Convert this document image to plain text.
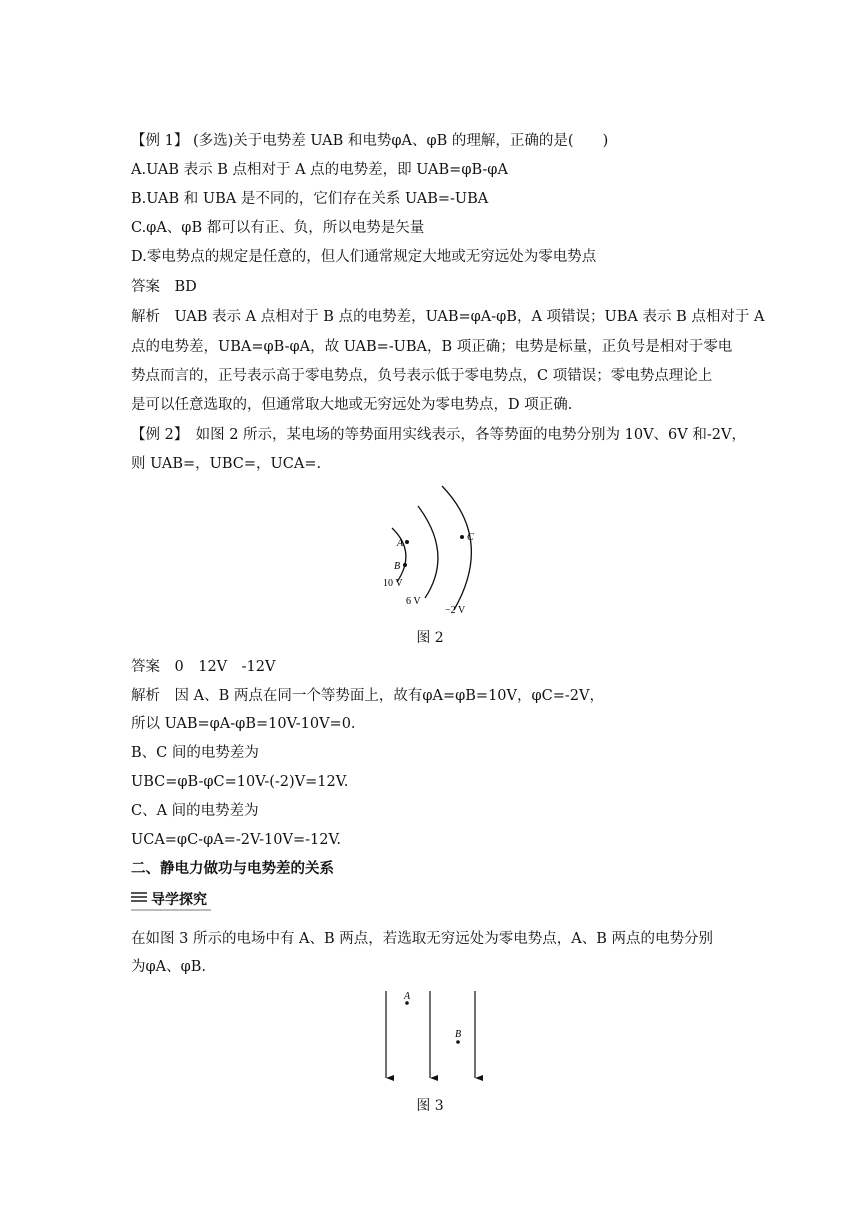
【例 1】 (多选)关于电势差 UAB 和电势φA、φB 的理解，正确的是(　　)
A.UAB 表示 B 点相对于 A 点的电势差，即 UAB=φB-φA
B.UAB 和 UBA 是不同的，它们存在关系 UAB=-UBA
C.φA、φB 都可以有正、负，所以电势是矢量
D.零电势点的规定是任意的，但人们通常规定大地或无穷远处为零电势点
答案　BD
解析　UAB 表示 A 点相对于 B 点的电势差，UAB=φA-φB，A 项错误；UBA 表示 B 点相对于 A
点的电势差，UBA=φB-φA，故 UAB=-UBA，B 项正确；电势是标量，正负号是相对于零电
势点而言的，正号表示高于零电势点，负号表示低于零电势点，C 项错误；零电势点理论上
是可以任意选取的，但通常取大地或无穷远处为零电势点，D 项正确.
【例 2】　如图 2 所示，某电场的等势面用实线表示，各等势面的电势分别为 10V、6V 和-2V，
则 UAB=，UBC=，UCA=.
A
B
C
10 V
6 V
−2 V
图 2
答案　0　12V　-12V
解析　因 A、B 两点在同一个等势面上，故有φA=φB=10V，φC=-2V，
所以 UAB=φA-φB=10V-10V=0.
B、C 间的电势差为
UBC=φB-φC=10V-(-2)V=12V.
C、A 间的电势差为
UCA=φC-φA=-2V-10V=-12V.
二、静电力做功与电势差的关系
导学探究
在如图 3 所示的电场中有 A、B 两点，若选取无穷远处为零电势点，A、B 两点的电势分别
为φA、φB.
A
B
图 3
